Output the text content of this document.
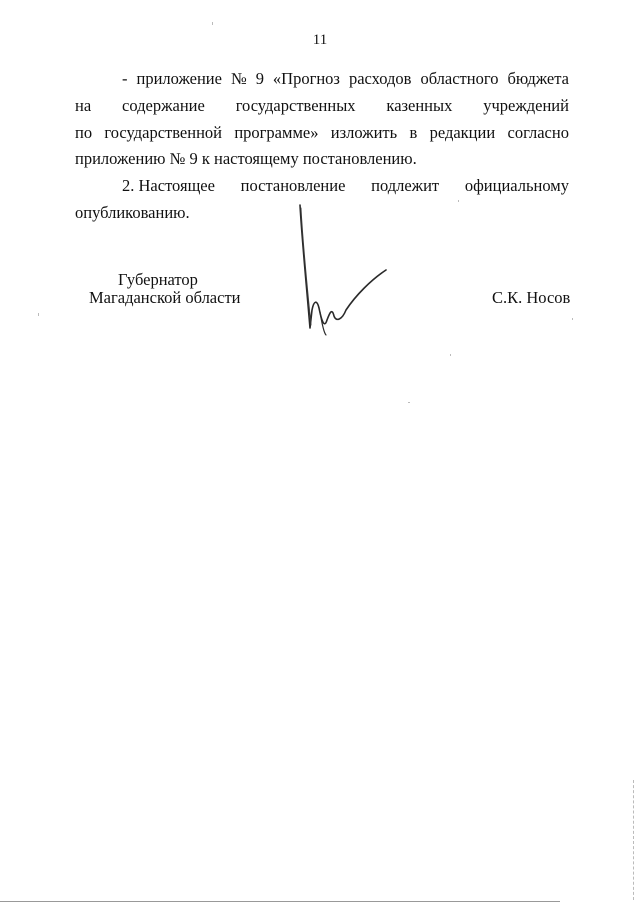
11
- приложение № 9 «Прогноз расходов областного бюджета
на содержание государственных казенных учреждений
по государственной программе» изложить в редакции согласно
приложению № 9 к настоящему постановлению.
2. Настоящее постановление подлежит официальному
опубликованию.
Губернатор
Магаданской области	С.К. Носов
